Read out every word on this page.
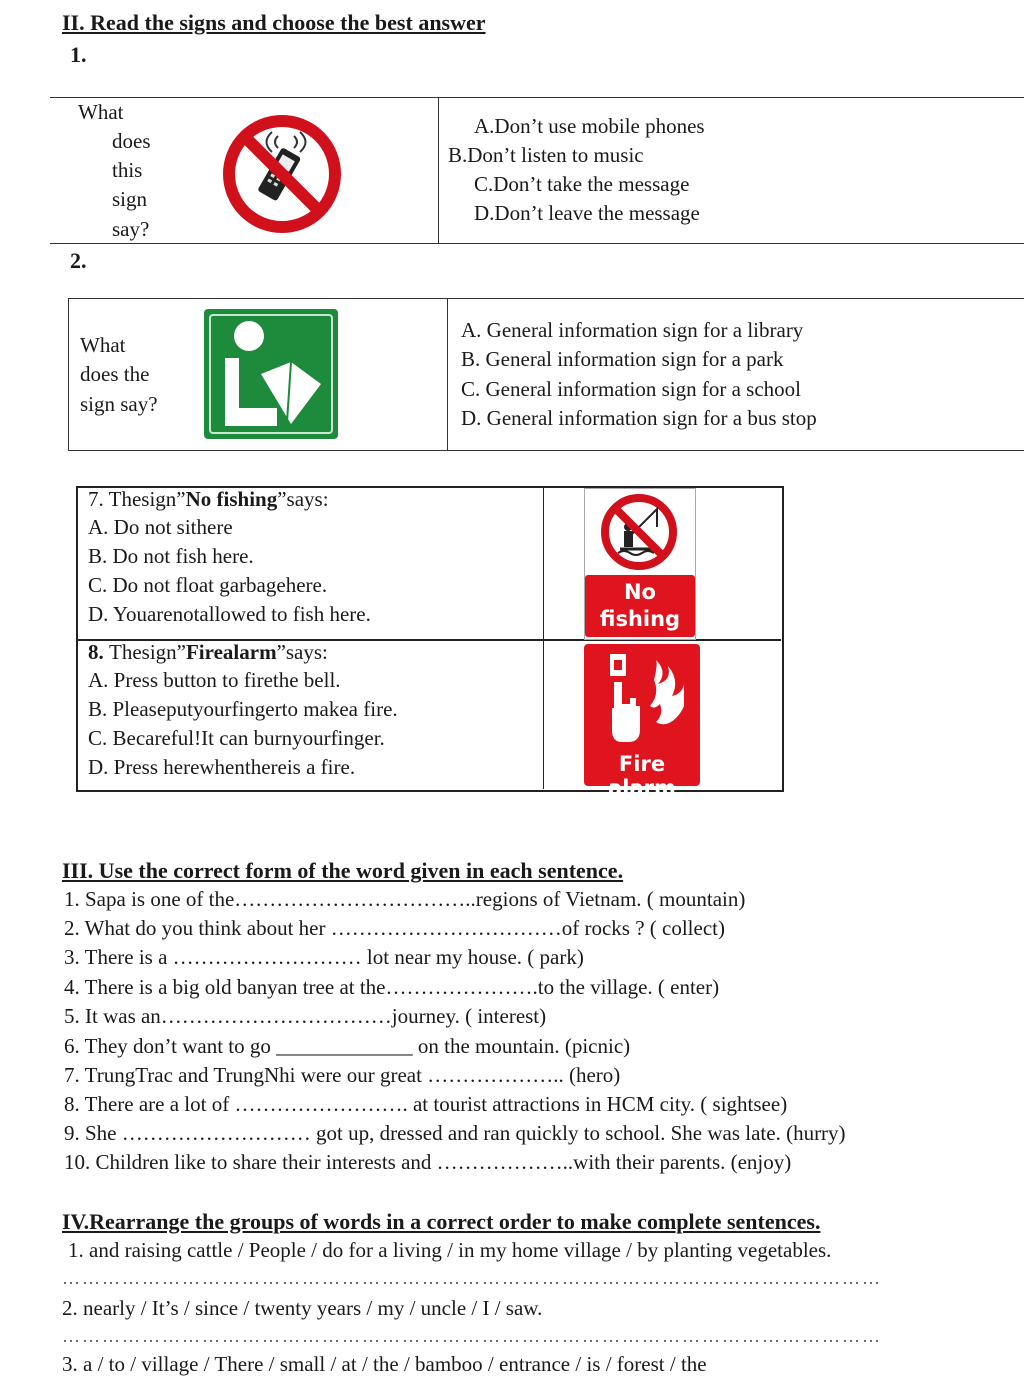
II. Read the signs and choose the best answer
1.
What
does
this
sign
say?
A.Don’t use mobile phones
B.Don’t listen to music
C.Don’t take the message
D.Don’t leave the message
2.
What
does the
sign say?
A. General information sign for a library
B. General information sign for a park
C. General information sign for a school
D. General information sign for a bus stop
7. Thesign”No fishing”says:
A. Do not sithere
B. Do not fish here.
C. Do not float garbagehere.
D. Youarenotallowed to fish here.
No
fishing
8. Thesign”Firealarm”says:
A. Press button to firethe bell.
B. Pleaseputyourfingerto makea fire.
C. Becareful!It can burnyourfinger.
D. Press herewhenthereis a fire.	Fire alarm
III. Use the correct form of the word given in each sentence.
1. Sapa is one of the……………………………..regions of Vietnam. ( mountain)
2. What do you think about her ……………………………of rocks ? ( collect)
3. There is a ……………………… lot near my house. ( park)
4. There is a big old banyan tree at the………………….to the village. ( enter)
5. It was an……………………………journey. ( interest)
6. They don’t want to go _____________ on the mountain. (picnic)
7. TrungTrac and TrungNhi were our great ……………….. (hero)
8. There are a lot of ……………………. at tourist attractions in HCM city. ( sightsee)
9. She ……………………… got up, dressed and ran quickly to school. She was late. (hurry)
10. Children like to share their interests and ………………..with their parents. (enjoy)
IV.Rearrange the groups of words in a correct order to make complete sentences.
1. and raising cattle / People / do for a living / in my home village / by planting vegetables.
……………………………………………………………………………………………………………
2. nearly / It’s / since / twenty years / my / uncle / I / saw.
……………………………………………………………………………………………………………
3. a / to / village / There / small / at / the / bamboo / entrance / is / forest / the
